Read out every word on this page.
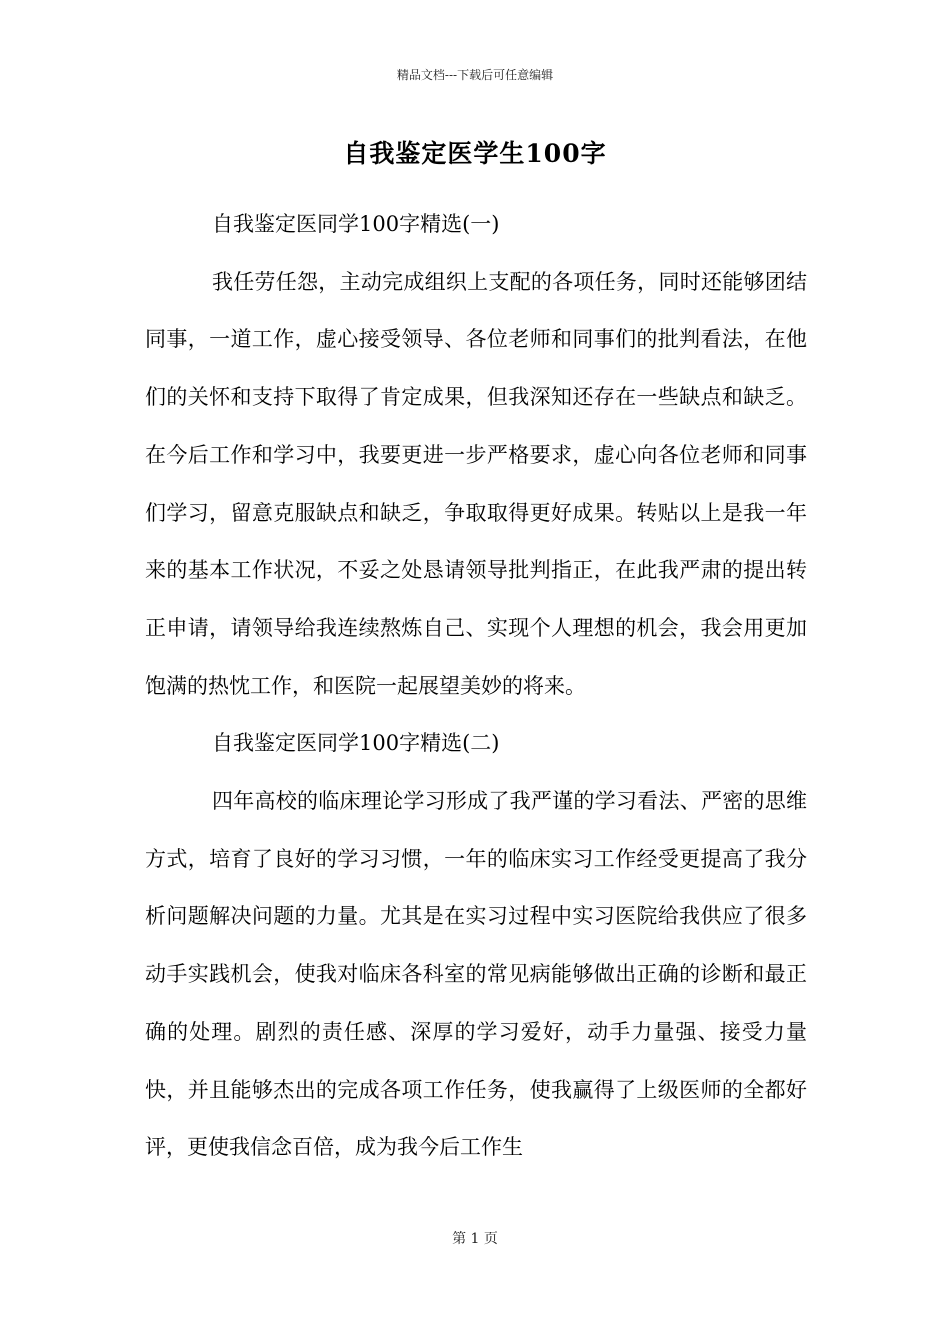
精品文档---下载后可任意编辑
自我鉴定医学生100字

自我鉴定医同学100字精选(一)

我任劳任怨，主动完成组织上支配的各项任务，同时还能够团结同事，一道工作，虚心接受领导、各位老师和同事们的批判看法，在他们的关怀和支持下取得了肯定成果，但我深知还存在一些缺点和缺乏。在今后工作和学习中，我要更进一步严格要求，虚心向各位老师和同事们学习，留意克服缺点和缺乏，争取取得更好成果。转贴以上是我一年来的基本工作状况，不妥之处恳请领导批判指正，在此我严肃的提出转正申请，请领导给我连续熬炼自己、实现个人理想的机会，我会用更加饱满的热忱工作，和医院一起展望美妙的将来。

自我鉴定医同学100字精选(二)

四年高校的临床理论学习形成了我严谨的学习看法、严密的思维方式，培育了良好的学习习惯，一年的临床实习工作经受更提高了我分析问题解决问题的力量。尤其是在实习过程中实习医院给我供应了很多动手实践机会，使我对临床各科室的常见病能够做出正确的诊断和最正确的处理。剧烈的责任感、深厚的学习爱好，动手力量强、接受力量快，并且能够杰出的完成各项工作任务，使我赢得了上级医师的全都好评，更使我信念百倍，成为我今后工作生

第 1 页
